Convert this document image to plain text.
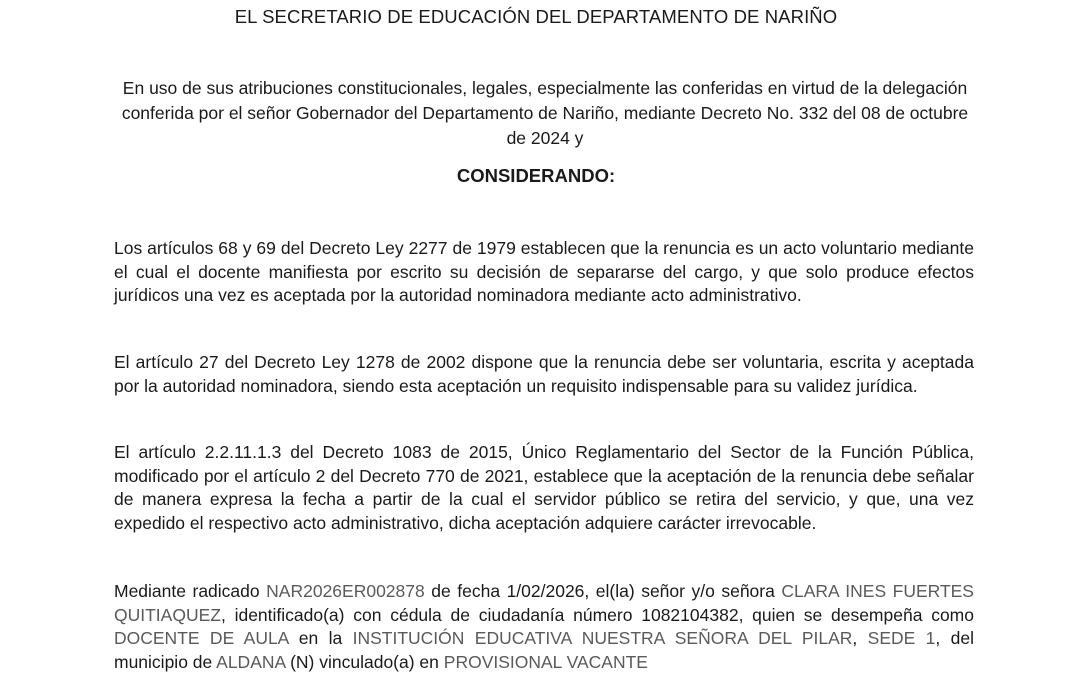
EL SECRETARIO DE EDUCACIÓN DEL DEPARTAMENTO DE NARIÑO
En uso de sus atribuciones constitucionales, legales, especialmente las conferidas en virtud de la delegación conferida por el señor Gobernador del Departamento de Nariño, mediante Decreto No. 332 del 08 de octubre de 2024 y
CONSIDERANDO:
Los artículos 68 y 69 del Decreto Ley 2277 de 1979 establecen que la renuncia es un acto voluntario mediante el cual el docente manifiesta por escrito su decisión de separarse del cargo, y que solo produce efectos jurídicos una vez es aceptada por la autoridad nominadora mediante acto administrativo.
El artículo 27 del Decreto Ley 1278 de 2002 dispone que la renuncia debe ser voluntaria, escrita y aceptada por la autoridad nominadora, siendo esta aceptación un requisito indispensable para su validez jurídica.
El artículo 2.2.11.1.3 del Decreto 1083 de 2015, Único Reglamentario del Sector de la Función Pública, modificado por el artículo 2 del Decreto 770 de 2021, establece que la aceptación de la renuncia debe señalar de manera expresa la fecha a partir de la cual el servidor público se retira del servicio, y que, una vez expedido el respectivo acto administrativo, dicha aceptación adquiere carácter irrevocable.
Mediante radicado NAR2026ER002878 de fecha 1/02/2026, el(la) señor y/o señora CLARA INES FUERTES QUITIAQUEZ, identificado(a) con cédula de ciudadanía número 1082104382, quien se desempeña como DOCENTE DE AULA en la INSTITUCIÓN EDUCATIVA NUESTRA SEÑORA DEL PILAR, SEDE 1, del municipio de ALDANA (N) vinculado(a) en PROVISIONAL VACANTE
